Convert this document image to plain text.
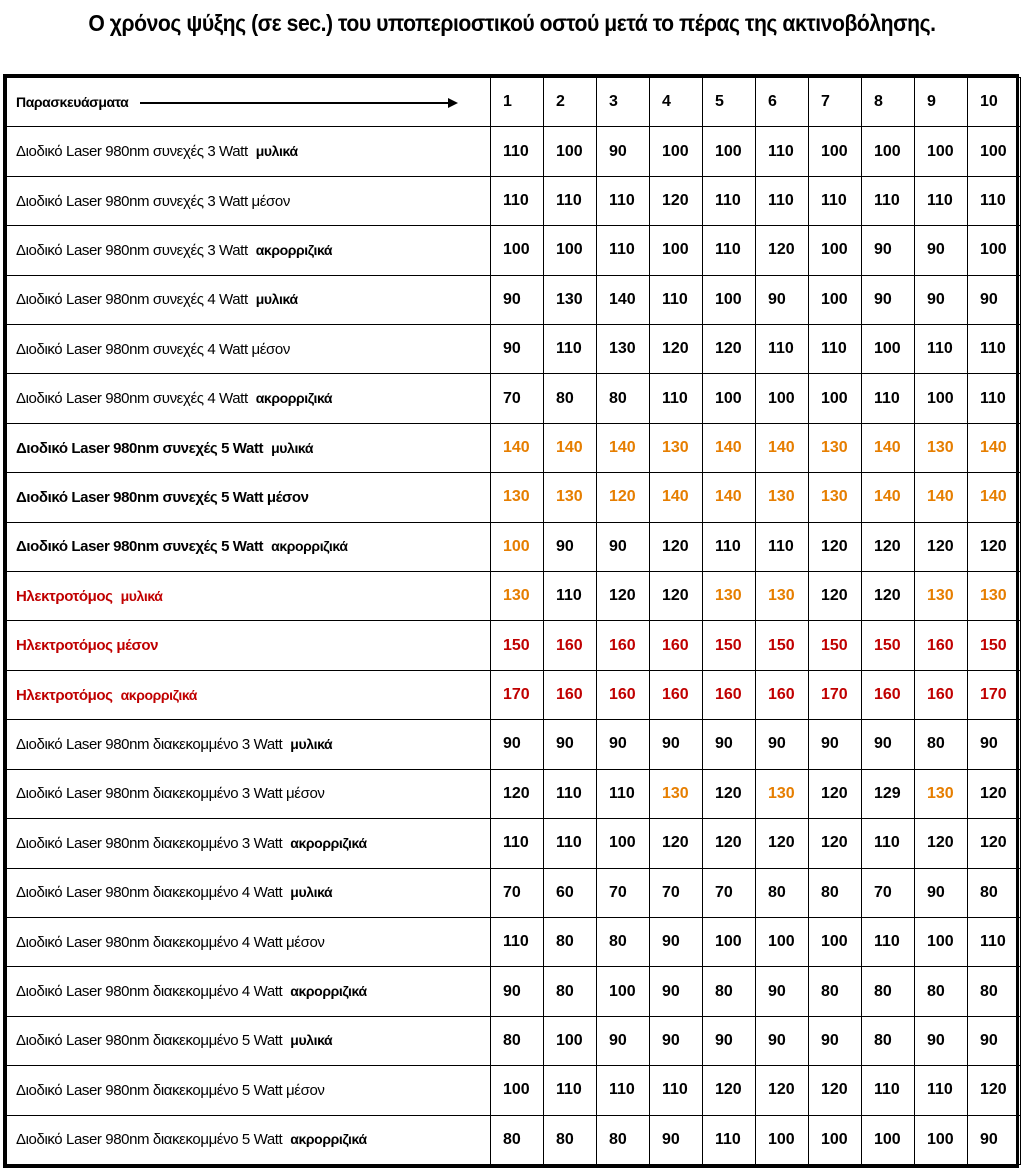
Ο χρόνος ψύξης (σε sec.) του υποπεριοστικού οστού μετά το πέρας της ακτινοβόλησης.
Παρασκευάσματα	1	2	3	4	5	6	7	8	9	10
Διοδικό Laser 980nm συνεχές 3 Watt μυλικά	110	100	90	100	100	110	100	100	100	100
Διοδικό Laser 980nm συνεχές 3 Watt μέσον	110	110	110	120	110	110	110	110	110	110
Διοδικό Laser 980nm συνεχές 3 Watt ακρορριζικά	100	100	110	100	110	120	100	90	90	100
Διοδικό Laser 980nm συνεχές 4 Watt μυλικά	90	130	140	110	100	90	100	90	90	90
Διοδικό Laser 980nm συνεχές 4 Watt μέσον	90	110	130	120	120	110	110	100	110	110
Διοδικό Laser 980nm συνεχές 4 Watt ακρορριζικά	70	80	80	110	100	100	100	110	100	110
Διοδικό Laser 980nm συνεχές 5 Watt μυλικά	140	140	140	130	140	140	130	140	130	140
Διοδικό Laser 980nm συνεχές 5 Watt μέσον	130	130	120	140	140	130	130	140	140	140
Διοδικό Laser 980nm συνεχές 5 Watt ακρορριζικά	100	90	90	120	110	110	120	120	120	120
Ηλεκτροτόμος μυλικά	130	110	120	120	130	130	120	120	130	130
Ηλεκτροτόμος μέσον	150	160	160	160	150	150	150	150	160	150
Ηλεκτροτόμος ακρορριζικά	170	160	160	160	160	160	170	160	160	170
Διοδικό Laser 980nm διακεκομμένο 3 Watt μυλικά	90	90	90	90	90	90	90	90	80	90
Διοδικό Laser 980nm διακεκομμένο 3 Watt μέσον	120	110	110	130	120	130	120	129	130	120
Διοδικό Laser 980nm διακεκομμένο 3 Watt ακρορριζικά	110	110	100	120	120	120	120	110	120	120
Διοδικό Laser 980nm διακεκομμένο 4 Watt μυλικά	70	60	70	70	70	80	80	70	90	80
Διοδικό Laser 980nm διακεκομμένο 4 Watt μέσον	110	80	80	90	100	100	100	110	100	110
Διοδικό Laser 980nm διακεκομμένο 4 Watt ακρορριζικά	90	80	100	90	80	90	80	80	80	80
Διοδικό Laser 980nm διακεκομμένο 5 Watt μυλικά	80	100	90	90	90	90	90	80	90	90
Διοδικό Laser 980nm διακεκομμένο 5 Watt μέσον	100	110	110	110	120	120	120	110	110	120
Διοδικό Laser 980nm διακεκομμένο 5 Watt ακρορριζικά	80	80	80	90	110	100	100	100	100	90
